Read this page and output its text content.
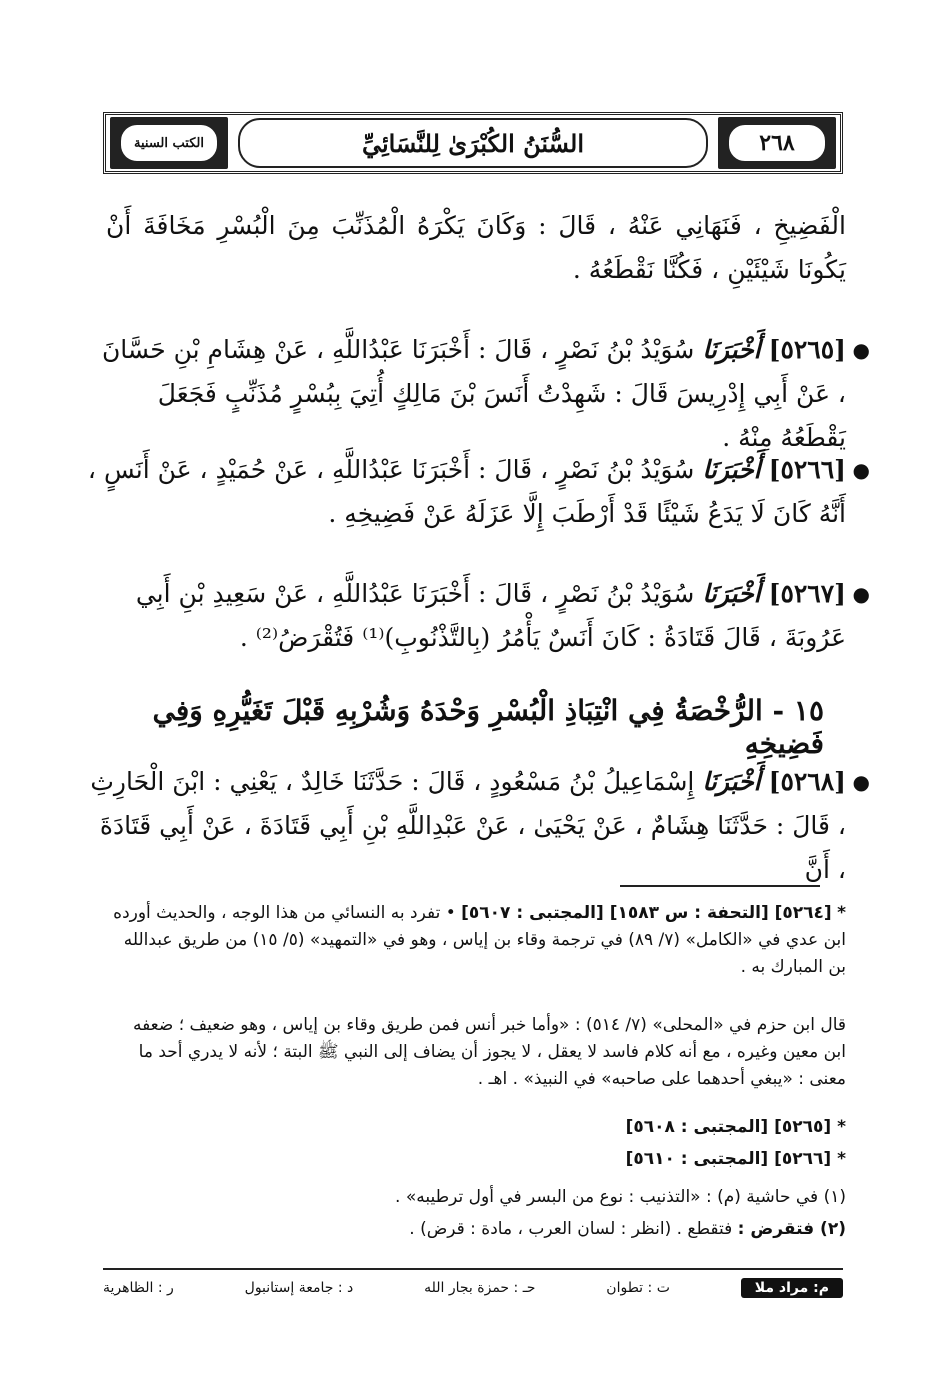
الكتب السنية	السُّنَنُ الكُبْرَىٰ لِلنَّسَائِيِّ	٢٦٨
الْفَضِيخِ ، فَنَهَانِي عَنْهُ ، قَالَ : وَكَانَ يَكْرَهُ الْمُذَنِّبَ مِنَ الْبُسْرِ مَخَافَةَ أَنْ يَكُونَا شَيْئَيْنِ ، فَكُنَّا نَقْطَعُهُ .
●
[٥٢٦٥] أَخْبَرَنَا سُوَيْدُ بْنُ نَصْرٍ ، قَالَ : أَخْبَرَنَا عَبْدُاللَّهِ ، عَنْ هِشَامِ بْنِ حَسَّانَ ، عَنْ أَبِي إِدْرِيسَ قَالَ : شَهِدْتُ أَنَسَ بْنَ مَالِكٍ أُتِيَ بِبُسْرٍ مُذَنِّبٍ فَجَعَلَ يَقْطَعُهُ مِنْهُ .
●
[٥٢٦٦] أَخْبَرَنَا سُوَيْدُ بْنُ نَصْرٍ ، قَالَ : أَخْبَرَنَا عَبْدُاللَّهِ ، عَنْ حُمَيْدٍ ، عَنْ أَنَسٍ ، أَنَّهُ كَانَ لَا يَدَعُ شَيْئًا قَدْ أَرْطَبَ إِلَّا عَزَلَهُ عَنْ فَضِيخِهِ .
●
[٥٢٦٧] أَخْبَرَنَا سُوَيْدُ بْنُ نَصْرٍ ، قَالَ : أَخْبَرَنَا عَبْدُاللَّهِ ، عَنْ سَعِيدِ بْنِ أَبِي عَرُوبَةَ ، قَالَ قَتَادَةُ : كَانَ أَنَسٌ يَأْمُرُ (بِالتَّذْنُوبِ)⁽¹⁾ فَتُقْرَضُ⁽²⁾ .
١٥ - الرُّخْصَةُ فِي انْتِبَاذِ الْبُسْرِ وَحْدَهُ وَشُرْبِهِ قَبْلَ تَغَيُّرِهِ وَفِي فَضِيخِهِ
●
[٥٢٦٨] أَخْبَرَنَا إِسْمَاعِيلُ بْنُ مَسْعُودٍ ، قَالَ : حَدَّثَنَا خَالِدٌ ، يَعْنِي : ابْنَ الْحَارِثِ ، قَالَ : حَدَّثَنَا هِشَامٌ ، عَنْ يَحْيَىٰ ، عَنْ عَبْدِاللَّهِ بْنِ أَبِي قَتَادَةَ ، عَنْ أَبِي قَتَادَةَ ، أَنَّ
* [٥٢٦٤] [التحفة : س ١٥٨٣] [المجتبى : ٥٦٠٧] • تفرد به النسائي من هذا الوجه ، والحديث أورده ابن عدي في «الكامل» (٧/ ٨٩) في ترجمة وقاء بن إياس ، وهو في «التمهيد» (٥/ ١٥) من طريق عبدالله بن المبارك به .
قال ابن حزم في «المحلى» (٧/ ٥١٤) : «وأما خبر أنس فمن طريق وقاء بن إياس ، وهو ضعيف ؛ ضعفه ابن معين وغيره ، مع أنه كلام فاسد لا يعقل ، لا يجوز أن يضاف إلى النبي ﷺ البتة ؛ لأنه لا يدري أحد ما معنى : «يبغي أحدهما على صاحبه» في النبيذ» . اهـ .
* [٥٢٦٥] [المجتبى : ٥٦٠٨]
* [٥٢٦٦] [المجتبى : ٥٦١٠]
(١) في حاشية (م) : «التذنيب : نوع من البسر في أول ترطيبه» .
(٢) فتقرض : فتقطع . (انظر : لسان العرب ، مادة : قرض) .
م: مراد ملا
ت : تطوان
حـ : حمزة بجار الله
د : جامعة إستانبول
ر : الظاهرية
